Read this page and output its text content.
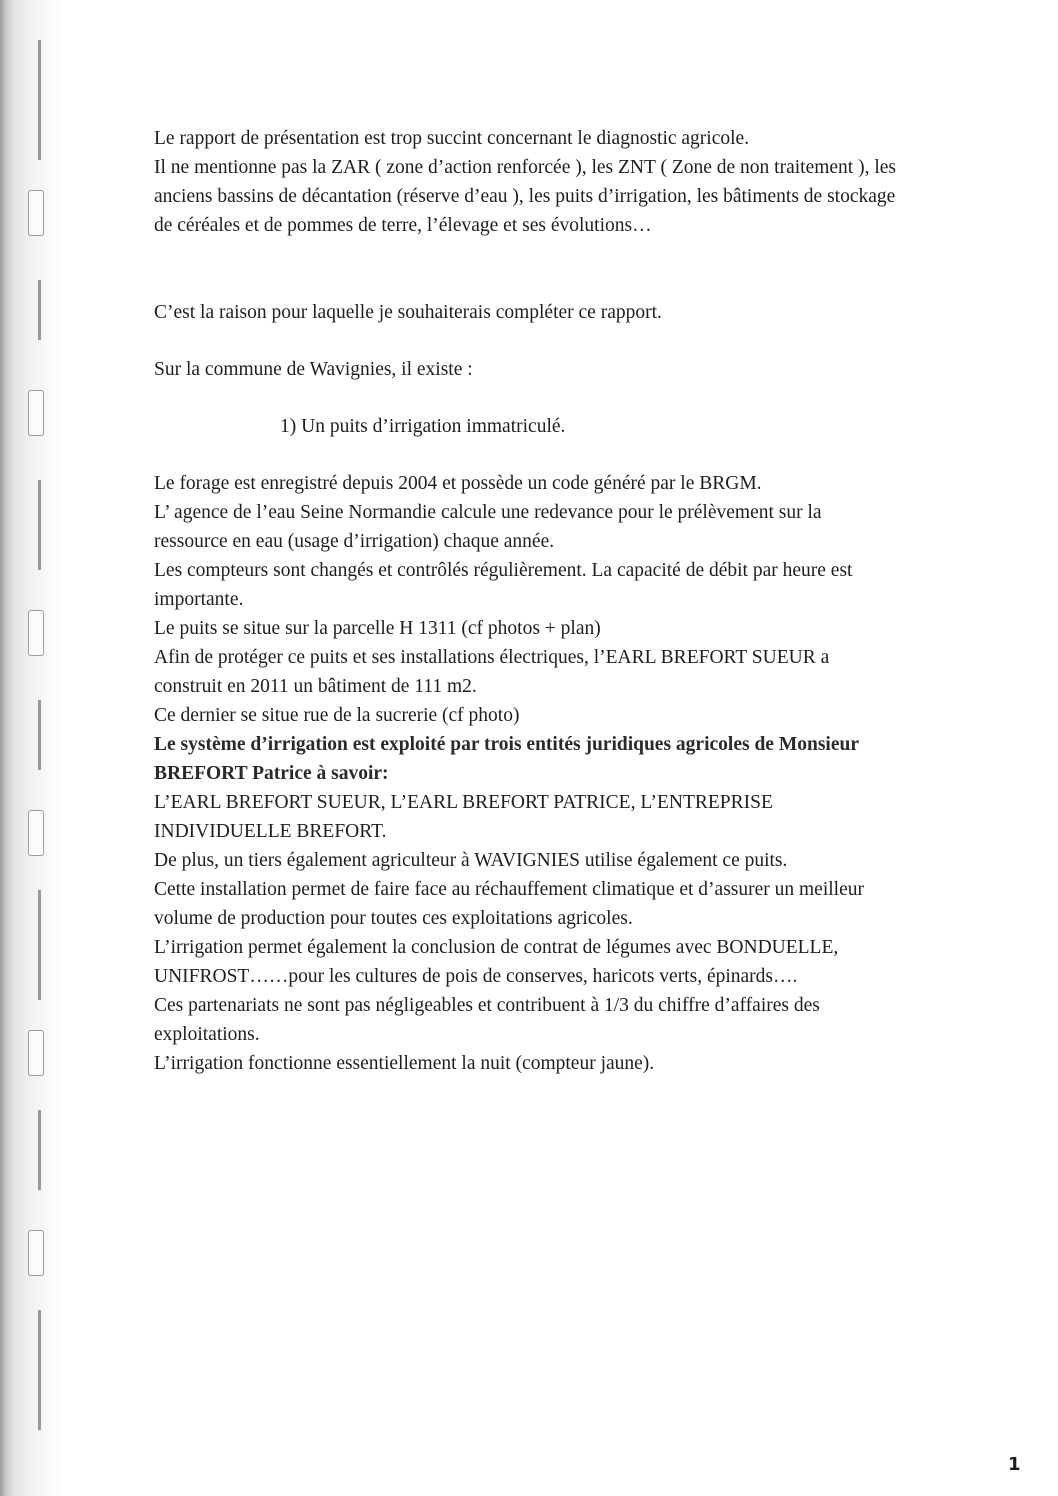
Le rapport de présentation est trop succint concernant le diagnostic agricole.

Il ne mentionne pas la ZAR ( zone d’action renforcée ), les ZNT ( Zone de non traitement ), les anciens bassins de décantation (réserve d’eau ), les puits d’irrigation, les bâtiments de stockage de céréales et de pommes de terre, l’élevage et ses évolutions…

C’est la raison pour laquelle je souhaiterais compléter ce rapport.

Sur la commune de Wavignies, il existe :

1) Un puits d’irrigation immatriculé.

Le forage est enregistré depuis 2004 et possède un code généré par le BRGM.

L’ agence de l’eau Seine Normandie calcule une redevance pour le prélèvement sur la ressource en eau (usage d’irrigation) chaque année.

Les compteurs sont changés et contrôlés régulièrement. La capacité de débit par heure est importante.

Le puits se situe sur la parcelle H 1311 (cf photos + plan)

Afin de protéger ce puits et ses installations électriques, l’EARL BREFORT SUEUR a construit en 2011 un bâtiment de 111 m2.

Ce dernier se situe rue de la sucrerie (cf photo)

Le système d’irrigation est exploité par trois entités juridiques agricoles de Monsieur BREFORT Patrice à savoir:

L’EARL BREFORT SUEUR, L’EARL BREFORT PATRICE, L’ENTREPRISE INDIVIDUELLE BREFORT.

De plus, un tiers également agriculteur à WAVIGNIES utilise également ce puits.

Cette installation permet de faire face au réchauffement climatique et d’assurer un meilleur volume de production pour toutes ces exploitations agricoles.

L’irrigation permet également la conclusion de contrat de légumes avec BONDUELLE, UNIFROST……pour les cultures de pois de conserves, haricots verts, épinards….

Ces partenariats ne sont pas négligeables et contribuent à 1/3 du chiffre d’affaires des exploitations.

L’irrigation fonctionne essentiellement la nuit (compteur jaune).

1
